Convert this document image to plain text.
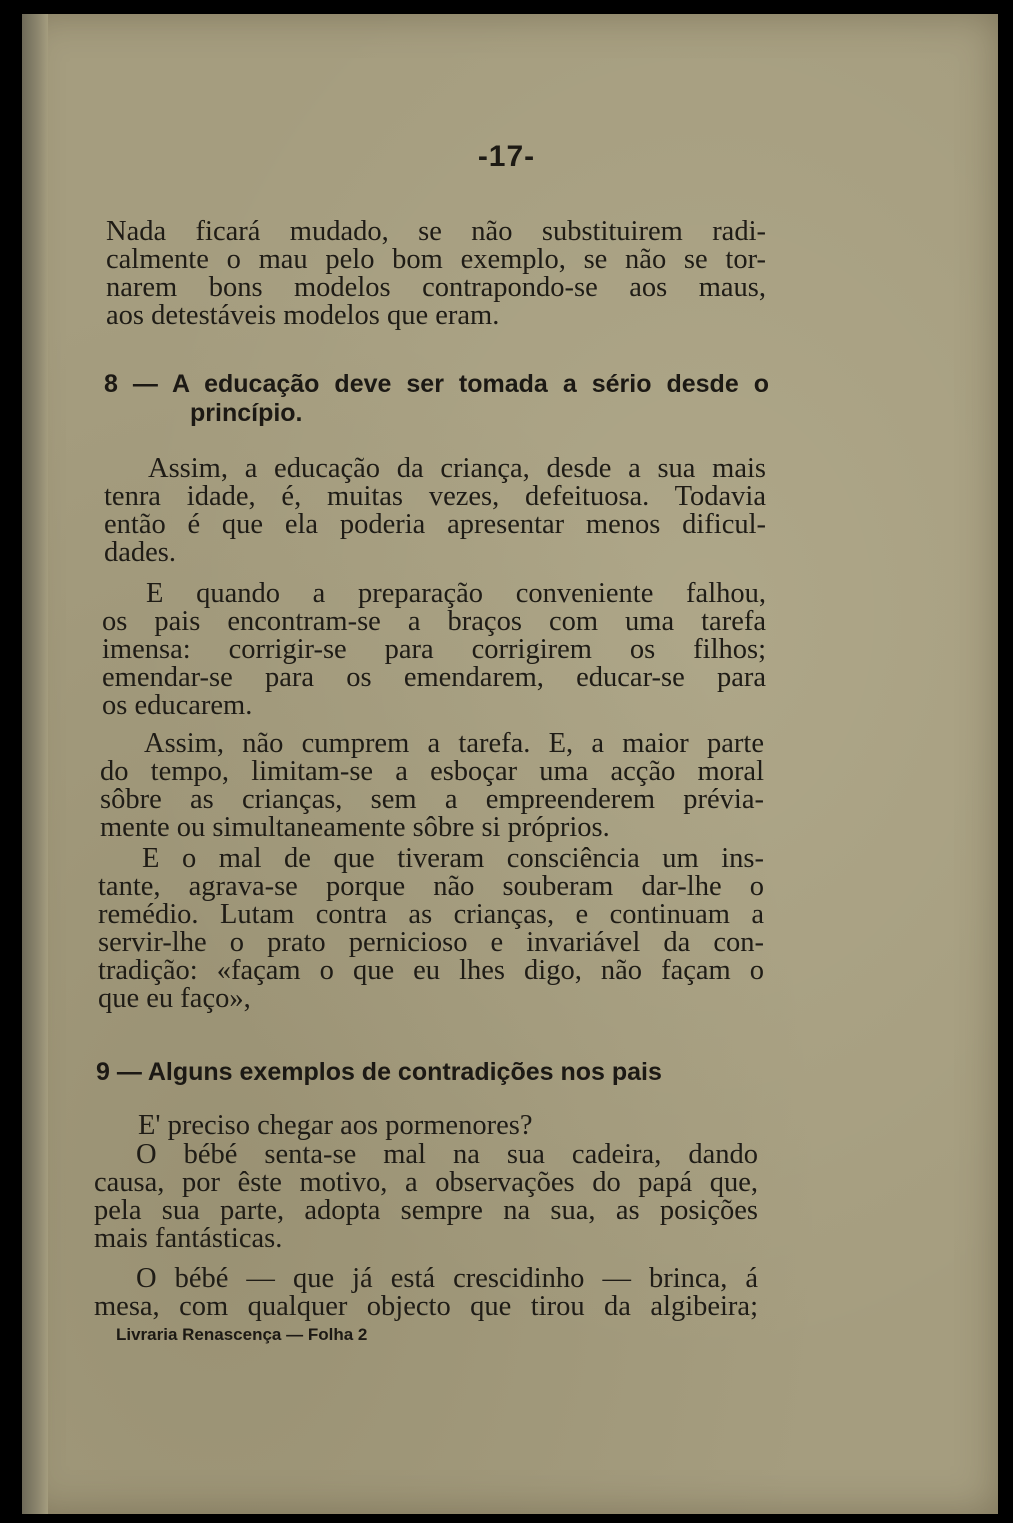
-17-
Nada ficará mudado, se não substituirem radi-
calmente o mau pelo bom exemplo, se não se tor-
narem bons modelos contrapondo-se aos maus,
aos detestáveis modelos que eram.
8 — A educação deve ser tomada a sério desde o
princípio.
Assim, a educação da criança, desde a sua mais
tenra idade, é, muitas vezes, defeituosa. Todavia
então é que ela poderia apresentar menos dificul-
dades.
E quando a preparação conveniente falhou,
os pais encontram-se a braços com uma tarefa
imensa: corrigir-se para corrigirem os filhos;
emendar-se para os emendarem, educar-se para
os educarem.
Assim, não cumprem a tarefa. E, a maior parte
do tempo, limitam-se a esboçar uma acção moral
sôbre as crianças, sem a empreenderem prévia-
mente ou simultaneamente sôbre si próprios.
E o mal de que tiveram consciência um ins-
tante, agrava-se porque não souberam dar-lhe o
remédio. Lutam contra as crianças, e continuam a
servir-lhe o prato pernicioso e invariável da con-
tradição: «façam o que eu lhes digo, não façam o
que eu faço»,
9 — Alguns exemplos de contradições nos pais
E' preciso chegar aos pormenores?
O bébé senta-se mal na sua cadeira, dando
causa, por êste motivo, a observações do papá que,
pela sua parte, adopta sempre na sua, as posições
mais fantásticas.
O bébé — que já está crescidinho — brinca, á
mesa, com qualquer objecto que tirou da algibeira;
Livraria Renascença — Folha 2
